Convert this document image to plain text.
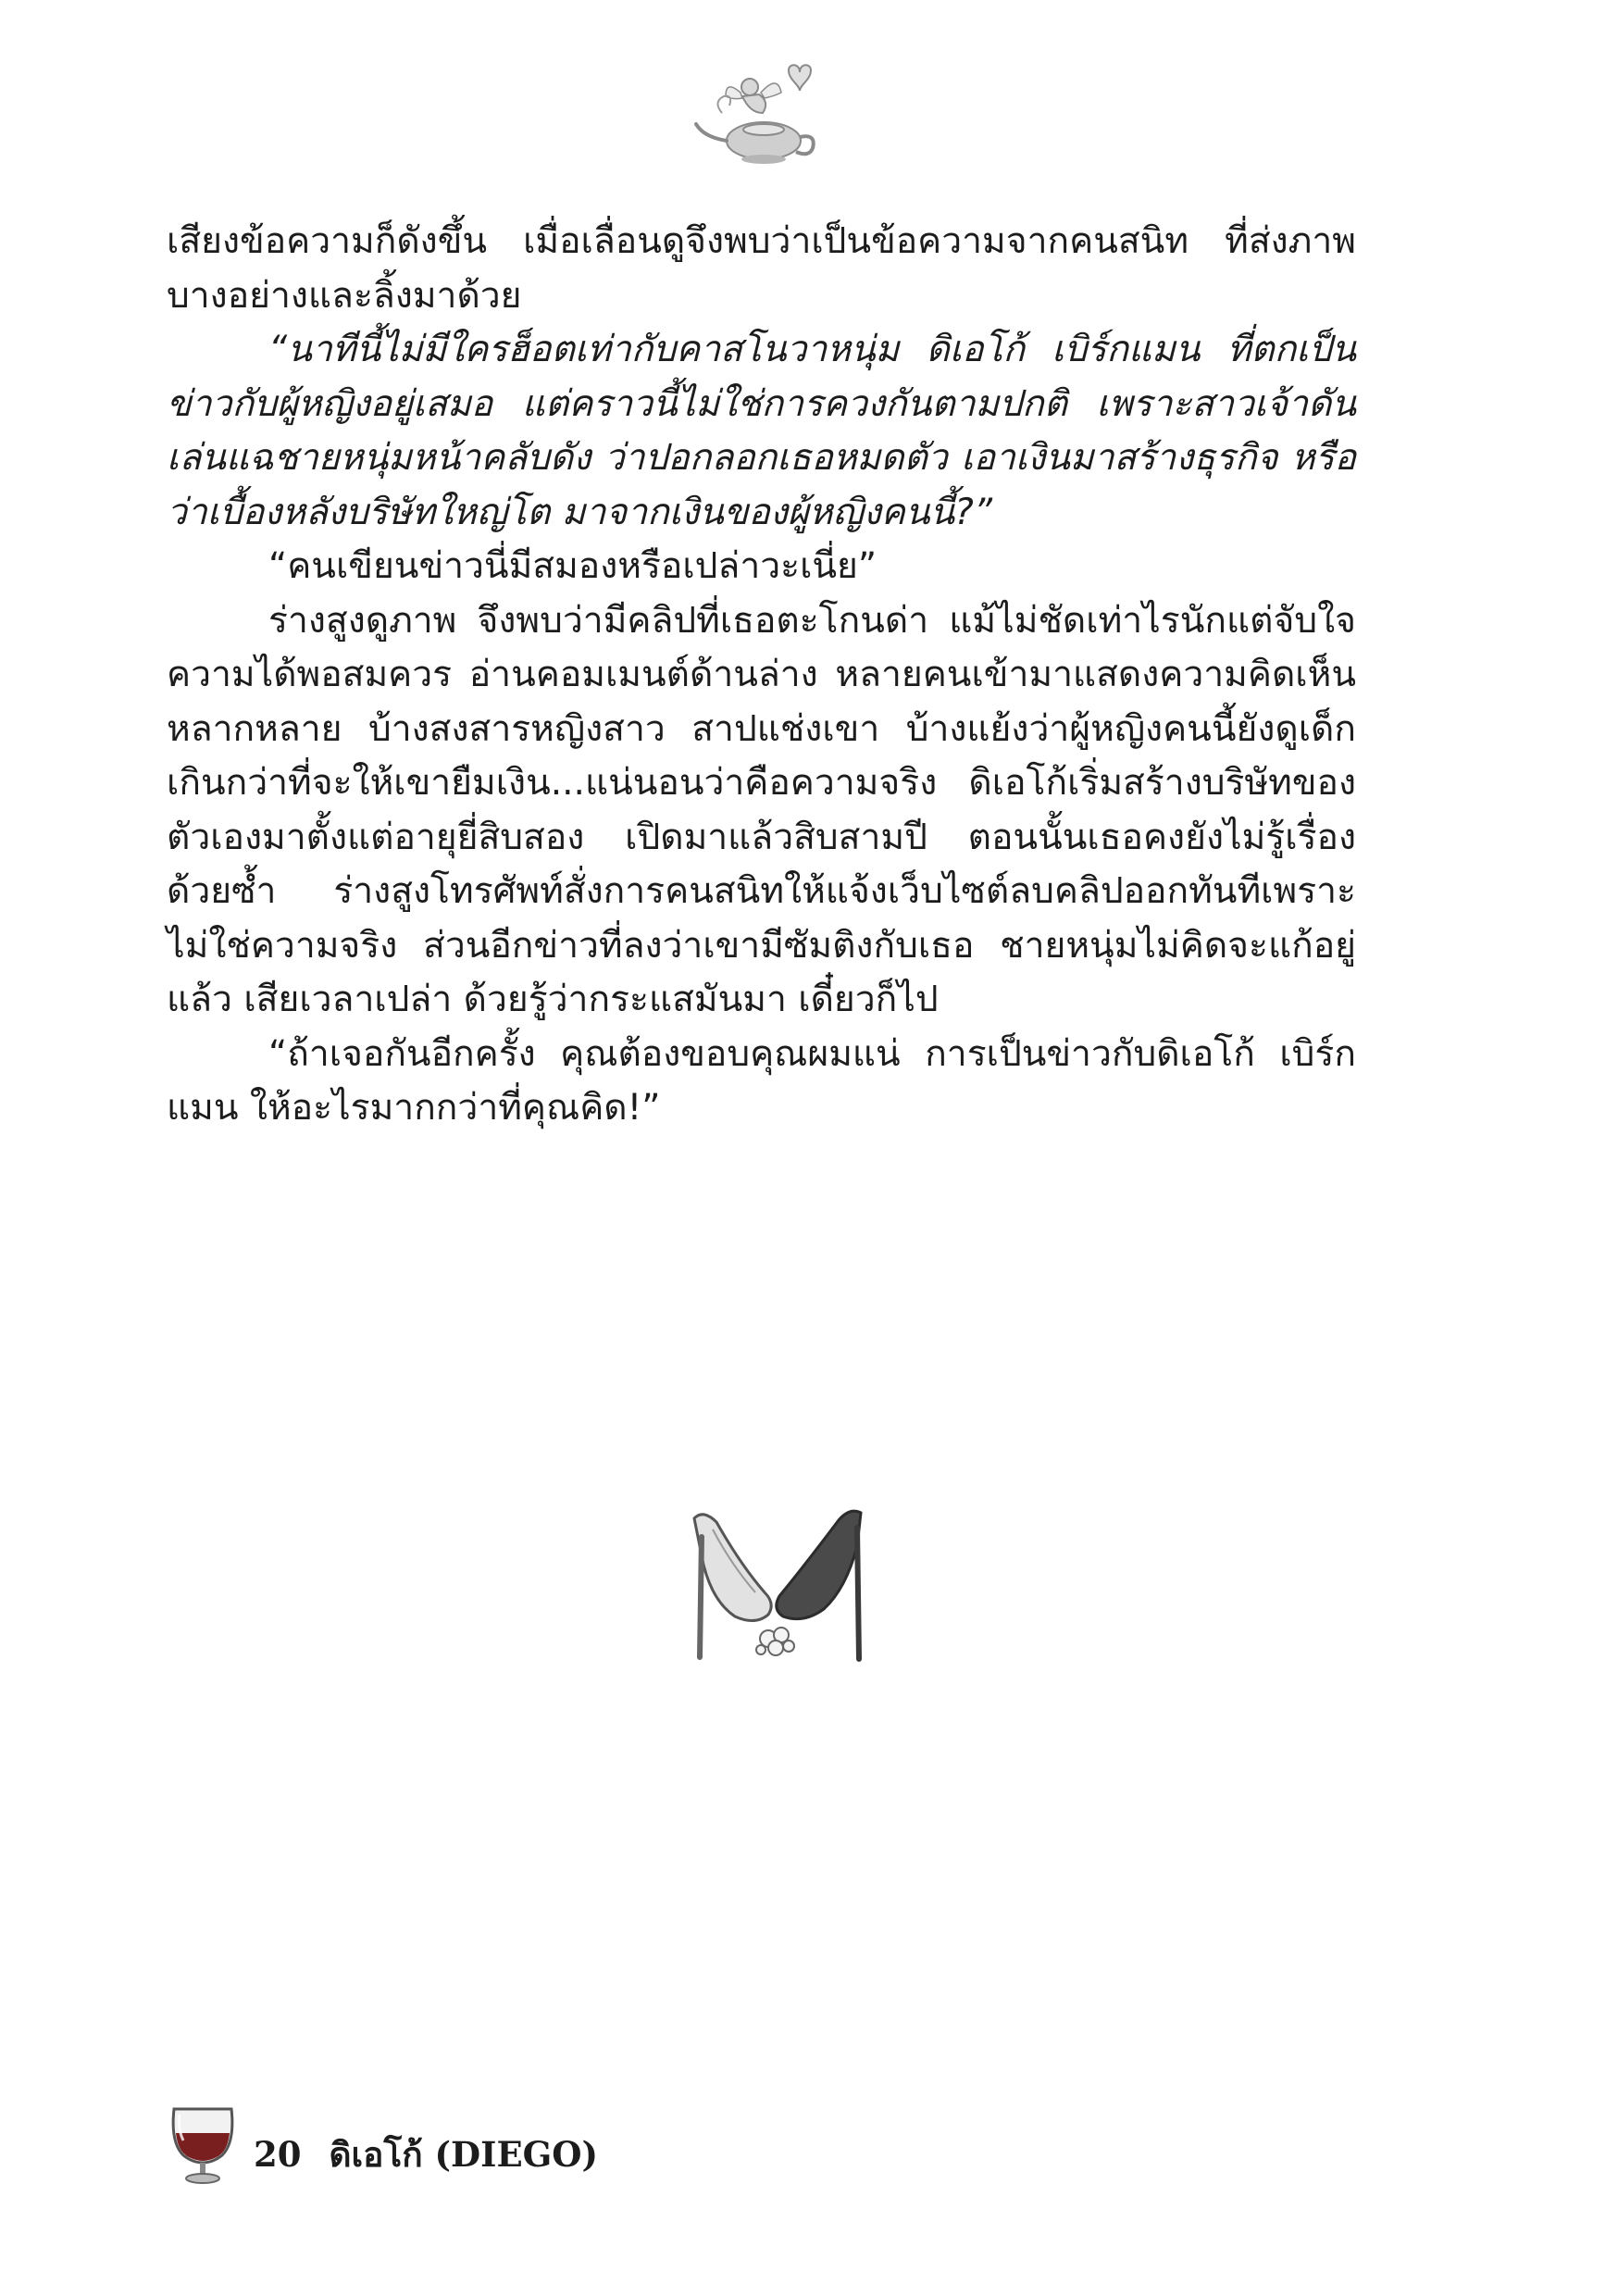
เสียงข้อความก็ดังขึ้น เมื่อเลื่อนดูจึงพบว่าเป็นข้อความจากคนสนิท ที่ส่งภาพบางอย่างและลิ้งมาด้วย

“นาทีนี้ไม่มีใครฮ็อตเท่ากับคาสโนวาหนุ่ม ดิเอโก้ เบิร์กแมน ที่ตกเป็นข่าวกับผู้หญิงอยู่เสมอ แต่คราวนี้ไม่ใช่การควงกันตามปกติ เพราะสาวเจ้าดันเล่นแฉชายหนุ่มหน้าคลับดัง ว่าปอกลอกเธอหมดตัว เอาเงินมาสร้างธุรกิจ หรือว่าเบื้องหลังบริษัทใหญ่โต มาจากเงินของผู้หญิงคนนี้?”

“คนเขียนข่าวนี่มีสมองหรือเปล่าวะเนี่ย”

ร่างสูงดูภาพ จึงพบว่ามีคลิปที่เธอตะโกนด่า แม้ไม่ชัดเท่าไรนักแต่จับใจความได้พอสมควร อ่านคอมเมนต์ด้านล่าง หลายคนเข้ามาแสดงความคิดเห็นหลากหลาย บ้างสงสารหญิงสาว สาปแช่งเขา บ้างแย้งว่าผู้หญิงคนนี้ยังดูเด็กเกินกว่าที่จะให้เขายืมเงิน...แน่นอนว่าคือความจริง ดิเอโก้เริ่มสร้างบริษัทของตัวเองมาตั้งแต่อายุยี่สิบสอง เปิดมาแล้วสิบสามปี ตอนนั้นเธอคงยังไม่รู้เรื่องด้วยซ้ำ ร่างสูงโทรศัพท์สั่งการคนสนิทให้แจ้งเว็บไซต์ลบคลิปออกทันทีเพราะไม่ใช่ความจริง ส่วนอีกข่าวที่ลงว่าเขามีซัมติงกับเธอ ชายหนุ่มไม่คิดจะแก้อยู่แล้ว เสียเวลาเปล่า ด้วยรู้ว่ากระแสมันมา เดี๋ยวก็ไป

“ถ้าเจอกันอีกครั้ง คุณต้องขอบคุณผมแน่ การเป็นข่าวกับดิเอโก้ เบิร์กแมน ให้อะไรมากกว่าที่คุณคิด!”

20 ดิเอโก้ (DIEGO)
